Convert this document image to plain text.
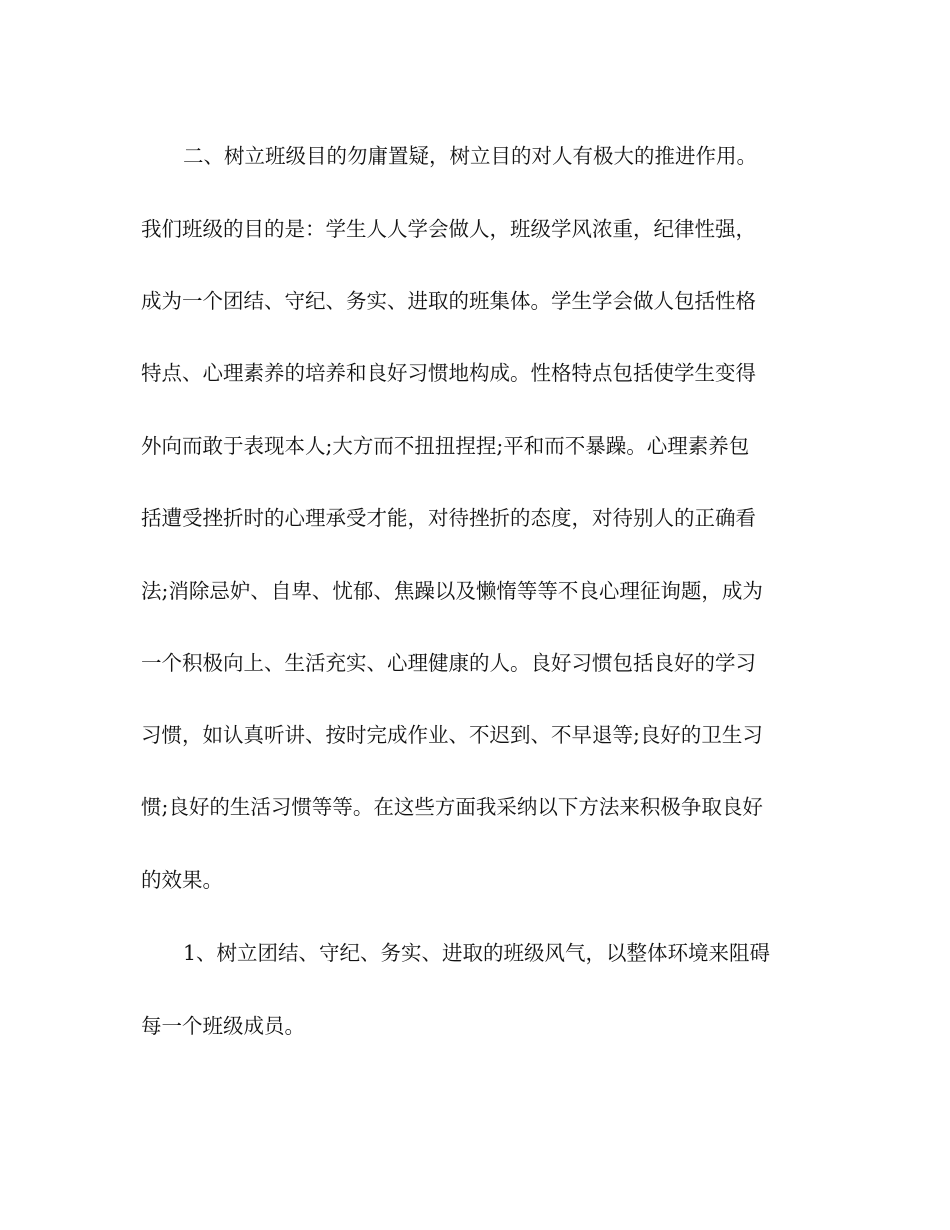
二、树立班级目的勿庸置疑，树立目的对人有极大的推进作用。
我们班级的目的是：学生人人学会做人，班级学风浓重，纪律性强，
成为一个团结、守纪、务实、进取的班集体。学生学会做人包括性格
特点、心理素养的培养和良好习惯地构成。性格特点包括使学生变得
外向而敢于表现本人;大方而不扭扭捏捏;平和而不暴躁。心理素养包
括遭受挫折时的心理承受才能，对待挫折的态度，对待别人的正确看
法;消除忌妒、自卑、忧郁、焦躁以及懒惰等等不良心理征询题，成为
一个积极向上、生活充实、心理健康的人。良好习惯包括良好的学习
习惯，如认真听讲、按时完成作业、不迟到、不早退等;良好的卫生习
惯;良好的生活习惯等等。在这些方面我采纳以下方法来积极争取良好
的效果。
1、树立团结、守纪、务实、进取的班级风气，以整体环境来阻碍
每一个班级成员。
